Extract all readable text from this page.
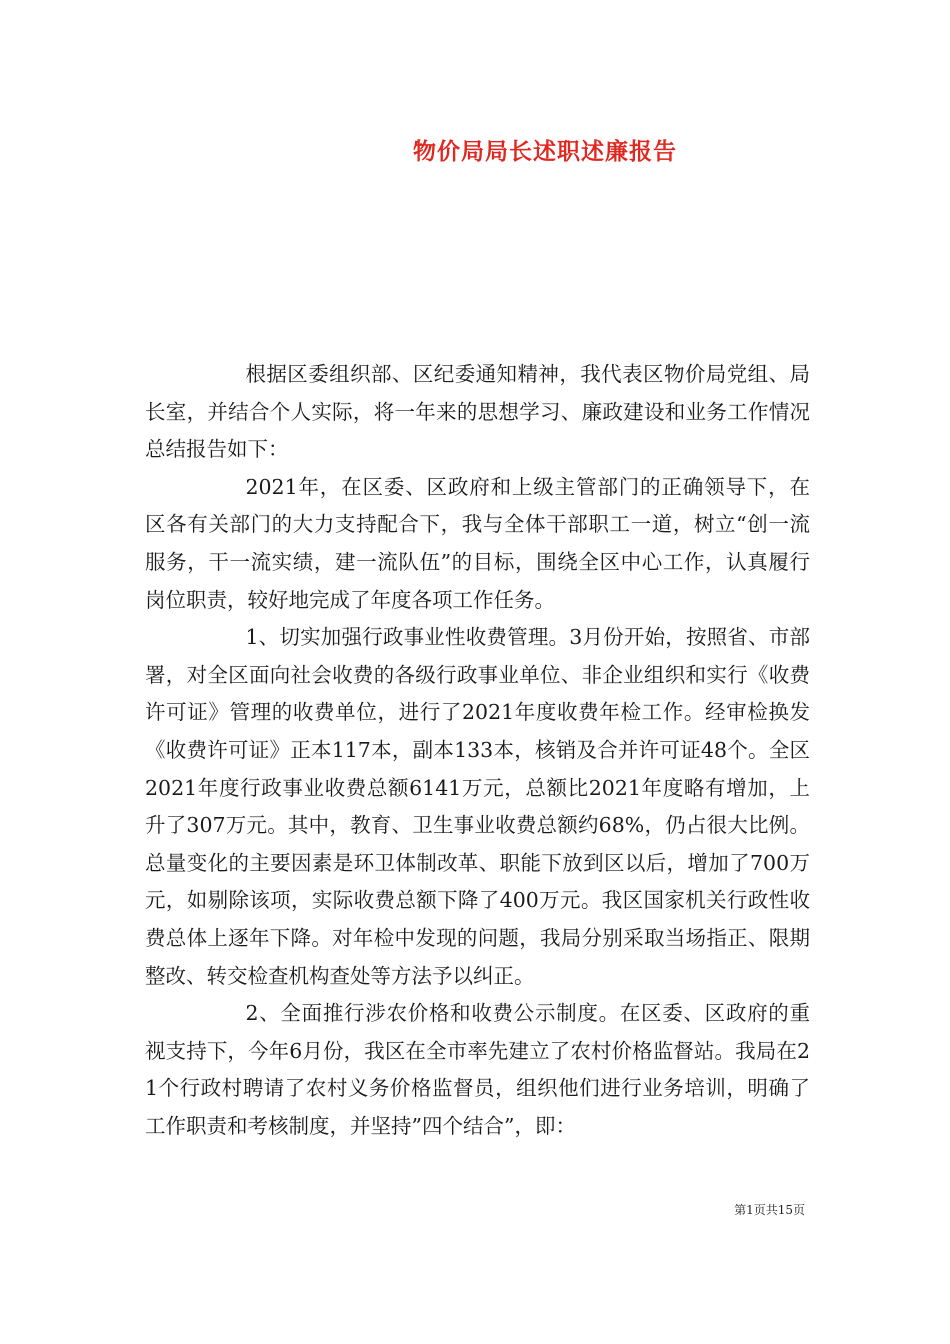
物价局局长述职述廉报告

根据区委组织部、区纪委通知精神，我代表区物价局党组、局长室，并结合个人实际，将一年来的思想学习、廉政建设和业务工作情况总结报告如下：

2021年，在区委、区政府和上级主管部门的正确领导下，在区各有关部门的大力支持配合下，我与全体干部职工一道，树立“创一流服务，干一流实绩，建一流队伍”的目标，围绕全区中心工作，认真履行岗位职责，较好地完成了年度各项工作任务。

1、切实加强行政事业性收费管理。3月份开始，按照省、市部署，对全区面向社会收费的各级行政事业单位、非企业组织和实行《收费许可证》管理的收费单位，进行了2021年度收费年检工作。经审检换发《收费许可证》正本117本，副本133本，核销及合并许可证48个。全区2021年度行政事业收费总额6141万元，总额比2021年度略有增加，上升了307万元。其中，教育、卫生事业收费总额约68%，仍占很大比例。总量变化的主要因素是环卫体制改革、职能下放到区以后，增加了700万元，如剔除该项，实际收费总额下降了400万元。我区国家机关行政性收费总体上逐年下降。对年检中发现的问题，我局分别采取当场指正、限期整改、转交检查机构查处等方法予以纠正。

2、全面推行涉农价格和收费公示制度。在区委、区政府的重视支持下，今年6月份，我区在全市率先建立了农村价格监督站。我局在21个行政村聘请了农村义务价格监督员，组织他们进行业务培训，明确了工作职责和考核制度，并坚持”四个结合”，即：

第1页共15页
